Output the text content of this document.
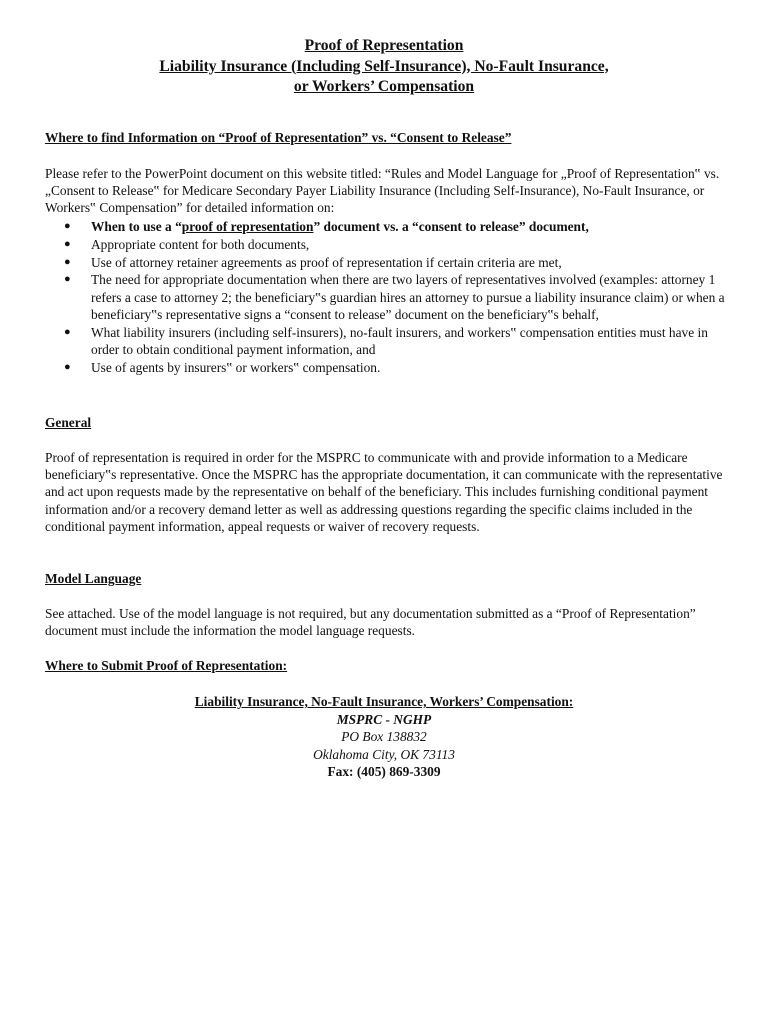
Proof of Representation
Liability Insurance (Including Self-Insurance), No-Fault Insurance,
or Workers’ Compensation
Where to find Information on “Proof of Representation” vs. “Consent to Release”
Please refer to the PowerPoint document on this website titled: “Rules and Model Language for „Proof of Representation‟ vs. „Consent to Release‟ for Medicare Secondary Payer Liability Insurance (Including Self-Insurance), No-Fault Insurance, or Workers‟ Compensation” for detailed information on:
● When to use a “proof of representation” document vs. a “consent to release” document,
● Appropriate content for both documents,
● Use of attorney retainer agreements as proof of representation if certain criteria are met,
● The need for appropriate documentation when there are two layers of representatives involved (examples: attorney 1 refers a case to attorney 2; the beneficiary‟s guardian hires an attorney to pursue a liability insurance claim) or when a beneficiary‟s representative signs a “consent to release” document on the beneficiary‟s behalf,
● What liability insurers (including self-insurers), no-fault insurers, and workers‟ compensation entities must have in order to obtain conditional payment information, and
● Use of agents by insurers‟ or workers‟ compensation.
General
Proof of representation is required in order for the MSPRC to communicate with and provide information to a Medicare beneficiary‟s representative. Once the MSPRC has the appropriate documentation, it can communicate with the representative and act upon requests made by the representative on behalf of the beneficiary. This includes furnishing conditional payment information and/or a recovery demand letter as well as addressing questions regarding the specific claims included in the conditional payment information, appeal requests or waiver of recovery requests.
Model Language
See attached. Use of the model language is not required, but any documentation submitted as a “Proof of Representation” document must include the information the model language requests.
Where to Submit Proof of Representation:
Liability Insurance, No-Fault Insurance, Workers’ Compensation:
MSPRC - NGHP
PO Box 138832
Oklahoma City, OK 73113
Fax: (405) 869-3309
